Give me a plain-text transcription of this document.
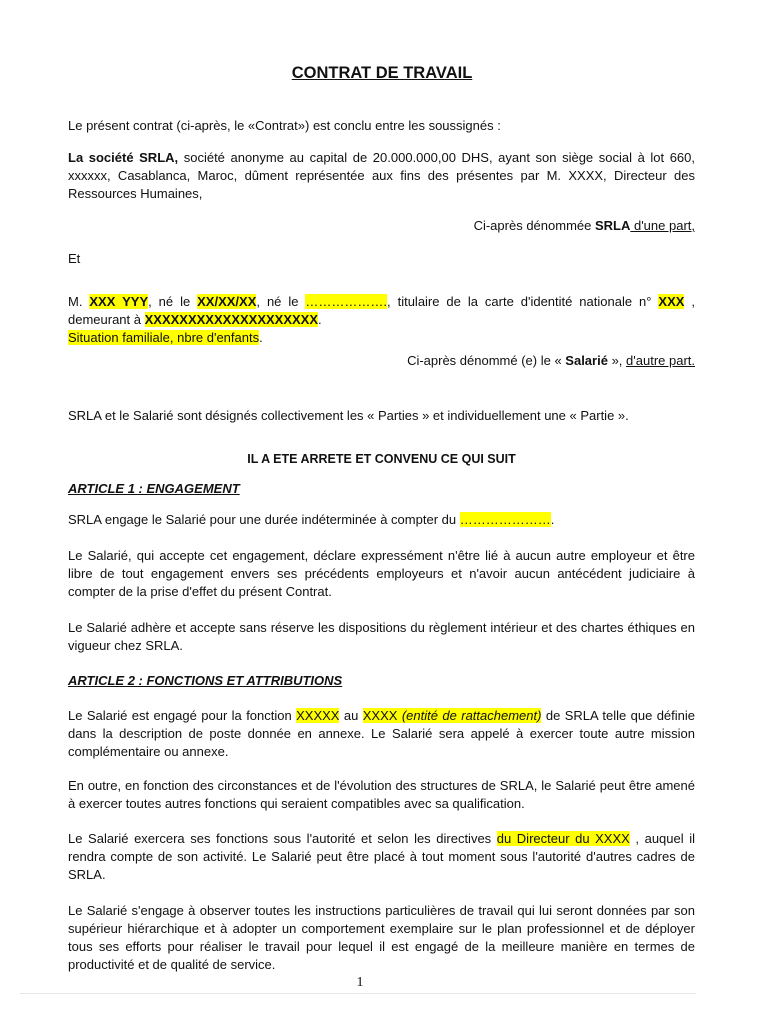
CONTRAT DE TRAVAIL
Le présent contrat (ci-après, le «Contrat») est conclu entre les soussignés :
La société SRLA, société anonyme au capital de 20.000.000,00 DHS, ayant son siège social à lot 660, xxxxxx, Casablanca, Maroc, dûment représentée aux fins des présentes par M. XXXX, Directeur des Ressources Humaines,
Ci-après dénommée SRLA d'une part,
Et
M. XXX YYY, né le XX/XX/XX, né le ………………., titulaire de la carte d'identité nationale n° XXX , demeurant à XXXXXXXXXXXXXXXXXXXX.
Situation familiale, nbre d'enfants.
Ci-après dénommé (e) le « Salarié », d'autre part.
SRLA et le Salarié sont désignés collectivement les « Parties » et individuellement une « Partie ».
IL A ETE ARRETE ET CONVENU CE QUI SUIT
ARTICLE 1 : ENGAGEMENT
SRLA engage le Salarié pour une durée indéterminée à compter du ………………….
Le Salarié, qui accepte cet engagement, déclare expressément n'être lié à aucun autre employeur et être libre de tout engagement envers ses précédents employeurs et n'avoir aucun antécédent judiciaire à compter de la prise d'effet du présent Contrat.
Le Salarié adhère et accepte sans réserve les dispositions du règlement intérieur et des chartes éthiques en vigueur chez SRLA.
ARTICLE 2 : FONCTIONS ET ATTRIBUTIONS
Le Salarié est engagé pour la fonction XXXXX au XXXX (entité de rattachement) de SRLA telle que définie dans la description de poste donnée en annexe. Le Salarié sera appelé à exercer toute autre mission complémentaire ou annexe.
En outre, en fonction des circonstances et de l'évolution des structures de SRLA, le Salarié peut être amené à exercer toutes autres fonctions qui seraient compatibles avec sa qualification.
Le Salarié exercera ses fonctions sous l'autorité et selon les directives du Directeur du XXXX , auquel il rendra compte de son activité. Le Salarié peut être placé à tout moment sous l'autorité d'autres cadres de SRLA.
Le Salarié s'engage à observer toutes les instructions particulières de travail qui lui seront données par son supérieur hiérarchique et à adopter un comportement exemplaire sur le plan professionnel et de déployer tous ses efforts pour réaliser le travail pour lequel il est engagé de la meilleure manière en termes de productivité et de qualité de service.
1
